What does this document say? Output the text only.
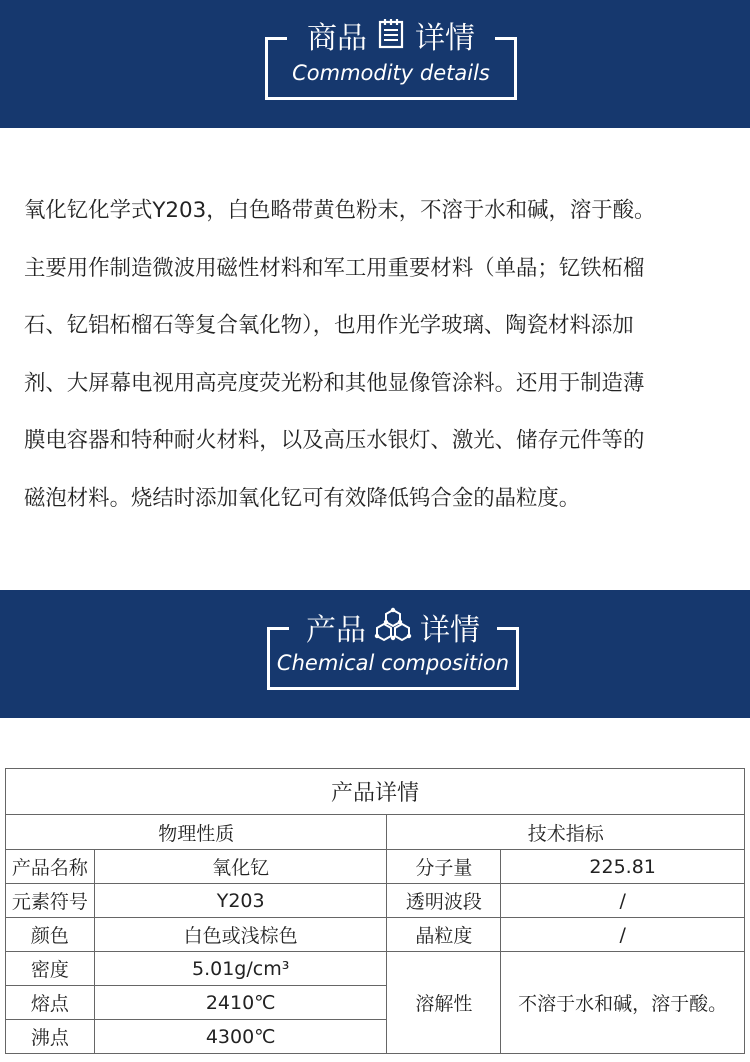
商品 详情
Commodity details
氧化钇化学式Y203，白色略带黄色粉末，不溶于水和碱，溶于酸。
主要用作制造微波用磁性材料和军工用重要材料（单晶；钇铁柘榴
石、钇铝柘榴石等复合氧化物），也用作光学玻璃、陶瓷材料添加
剂、大屏幕电视用高亮度荧光粉和其他显像管涂料。还用于制造薄
膜电容器和特种耐火材料，以及高压水银灯、激光、储存元件等的
磁泡材料。烧结时添加氧化钇可有效降低钨合金的晶粒度。
产品 详情
Chemical composition
产品详情			
物理性质		技术指标	
产品名称	氧化钇	分子量	225.81
元素符号	Y203	透明波段	/
颜色	白色或浅棕色	晶粒度	/
密度	5.01g/cm³	溶解性	不溶于水和碱，溶于酸。
熔点	2410℃		
沸点	4300℃		
